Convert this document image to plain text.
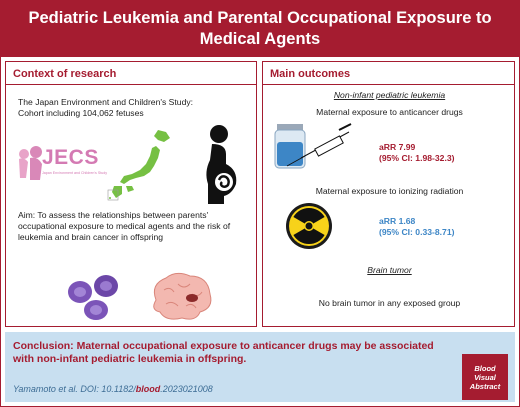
Pediatric Leukemia and Parental Occupational Exposure to Medical Agents
Context of research
The Japan Environment and Children's Study:
Cohort including 104,062 fetuses
JECS
Japan Environment and Children's Study
Aim: To assess the relationships between parents' occupational exposure to medical agents and the risk of leukemia and brain cancer in offspring
Main outcomes
Non-infant pediatric leukemia
Maternal exposure to anticancer drugs
aRR 7.99
(95% CI: 1.98-32.3)
Maternal exposure to ionizing radiation
aRR 1.68
(95% CI: 0.33-8.71)
Brain tumor
No brain tumor in any exposed group
Conclusion: Maternal occupational exposure to anticancer drugs may be associated with non-infant pediatric leukemia in offspring.
Yamamoto et al. DOI: 10.1182/blood.2023021008
Blood
Visual
Abstract
